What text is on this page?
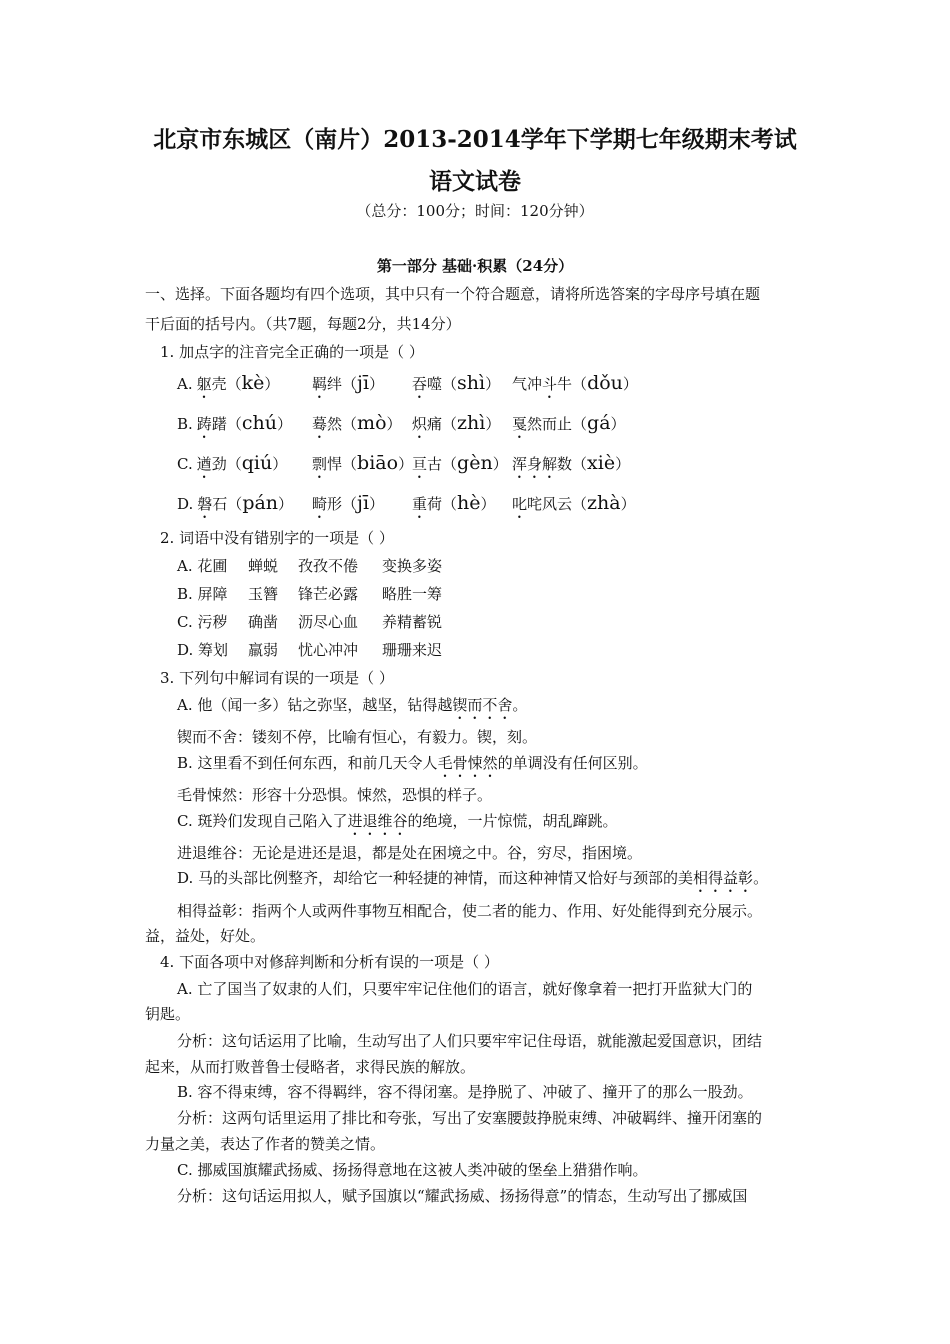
北京市东城区（南片）2013-2014学年下学期七年级期末考试
语文试卷
（总分：100分；时间：120分钟）
第一部分 基础·积累（24分）
一、选择。下面各题均有四个选项，其中只有一个符合题意，请将所选答案的字母序号填在题
干后面的括号内。（共7题，每题2分，共14分）
1. 加点字的注音完全正确的一项是（ ）
A. 躯壳（kè） 羁绊（jī） 吞噬（shì） 气冲斗牛（dǒu）
B. 踌躇（chú） 蓦然（mò） 炽痛（zhì） 戛然而止（gá）
C. 遒劲（qiú） 剽悍（biāo）
亘古（gèn） 浑身解数（xiè）
D. 磐石（pán） 畸形（jī） 重荷（hè） 叱咤风云（zhà）
2. 词语中没有错别字的一项是（ ）
A. 花圃 蝉蜕 孜孜不倦 变换多姿
B. 屏障 玉簪 锋芒必露 略胜一筹
C. 污秽 确凿 沥尽心血 养精蓄锐
D. 筹划 羸弱 忧心冲冲 珊珊来迟
3. 下列句中解词有误的一项是（ ）
A. 他（闻一多）钻之弥坚，越坚，钻得越锲而不舍。
锲而不舍：镂刻不停，比喻有恒心，有毅力。锲，刻。
B. 这里看不到任何东西，和前几天令人毛骨悚然的单调没有任何区别。
毛骨悚然：形容十分恐惧。悚然，恐惧的样子。
C. 斑羚们发现自己陷入了进退维谷的绝境，一片惊慌，胡乱蹿跳。
进退维谷：无论是进还是退，都是处在困境之中。谷，穷尽，指困境。
D. 马的头部比例整齐，却给它一种轻捷的神情，而这种神情又恰好与颈部的美相得益彰。
相得益彰：指两个人或两件事物互相配合，使二者的能力、作用、好处能得到充分展示。
益，益处，好处。
4. 下面各项中对修辞判断和分析有误的一项是（ ）
A. 亡了国当了奴隶的人们，只要牢牢记住他们的语言，就好像拿着一把打开监狱大门的
钥匙。
分析：这句话运用了比喻，生动写出了人们只要牢牢记住母语，就能激起爱国意识，团结
起来，从而打败普鲁士侵略者，求得民族的解放。
B. 容不得束缚，容不得羁绊，容不得闭塞。是挣脱了、冲破了、撞开了的那么一股劲。
分析：这两句话里运用了排比和夸张，写出了安塞腰鼓挣脱束缚、冲破羁绊、撞开闭塞的
力量之美，表达了作者的赞美之情。
C. 挪威国旗耀武扬威、扬扬得意地在这被人类冲破的堡垒上猎猎作响。
分析：这句话运用拟人，赋予国旗以“耀武扬威、扬扬得意”的情态，生动写出了挪威国
